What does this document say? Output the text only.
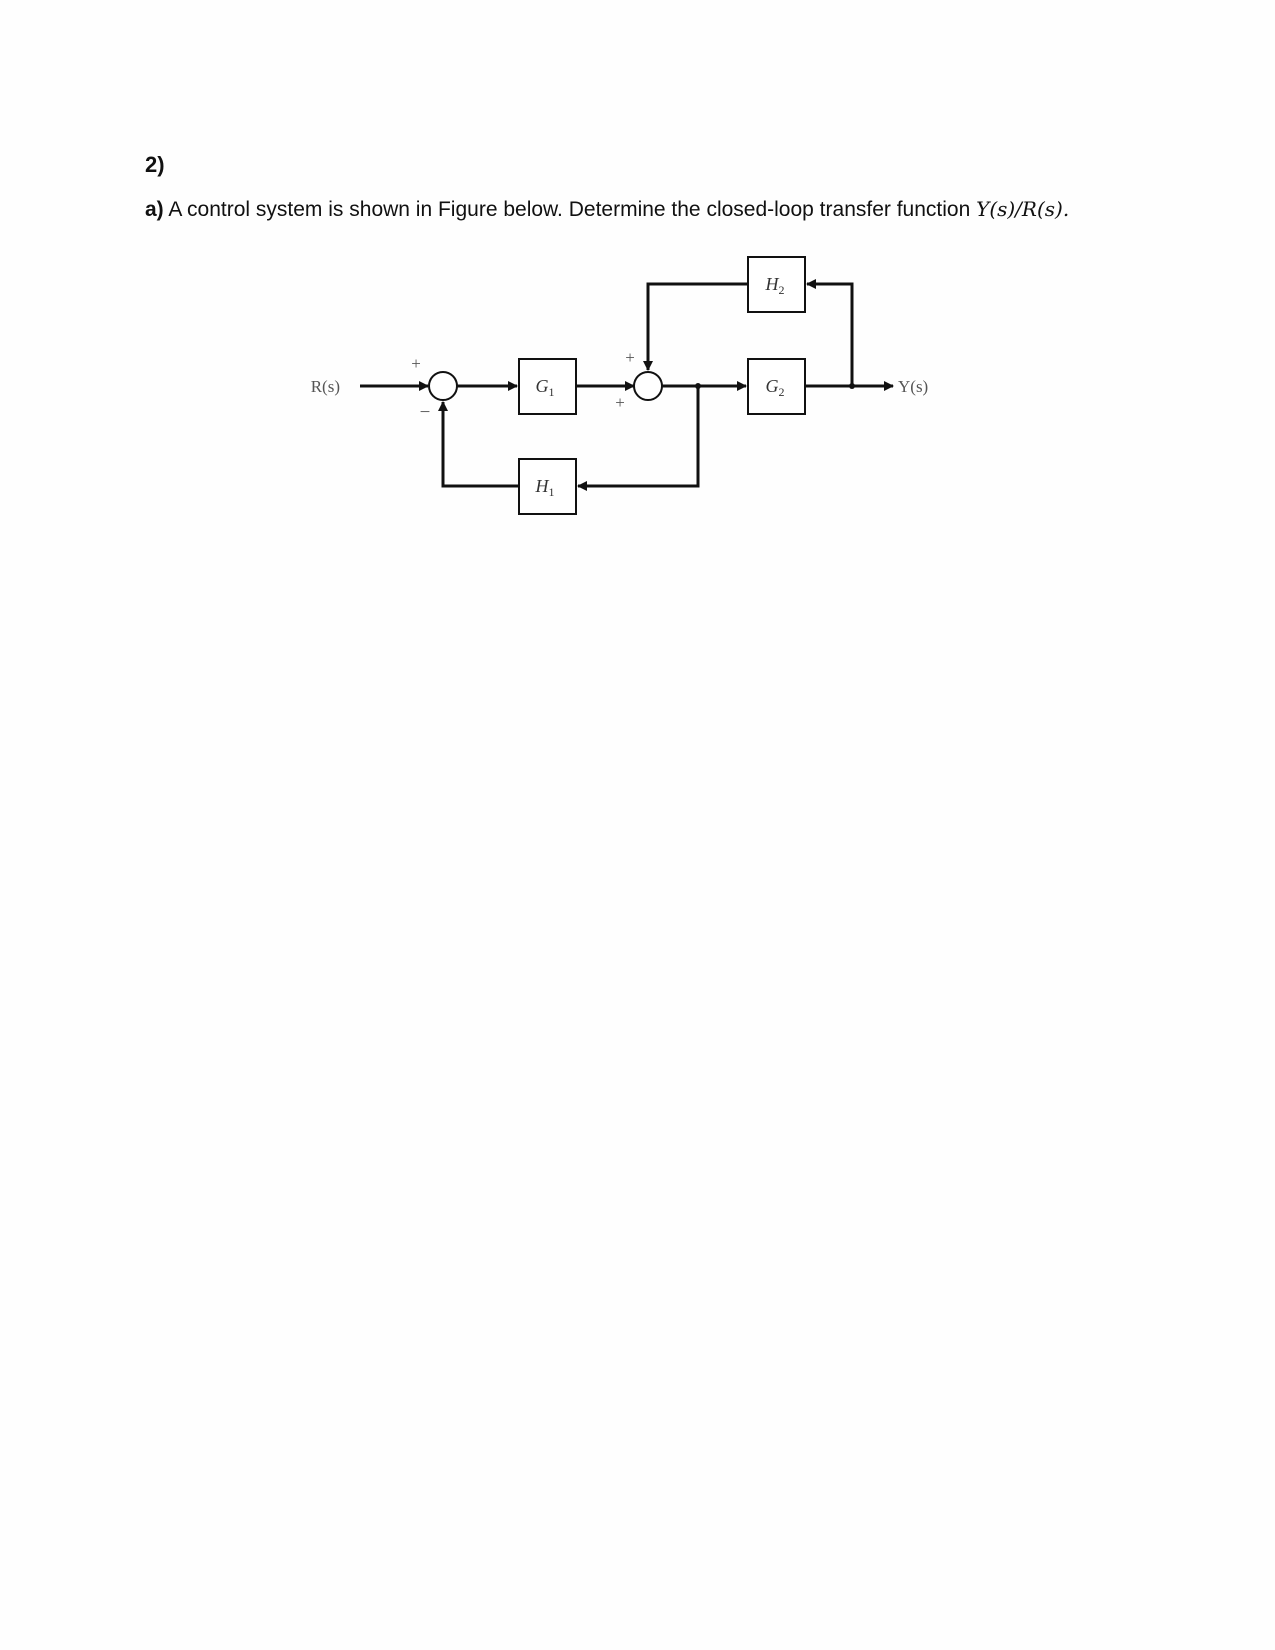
2)
a) A control system is shown in Figure below. Determine the closed-loop transfer function Y(s)/R(s).
R(s)
+
−
$G_1$
+
+
$G_2$	Y(s)
$H_2$
$H_1$
